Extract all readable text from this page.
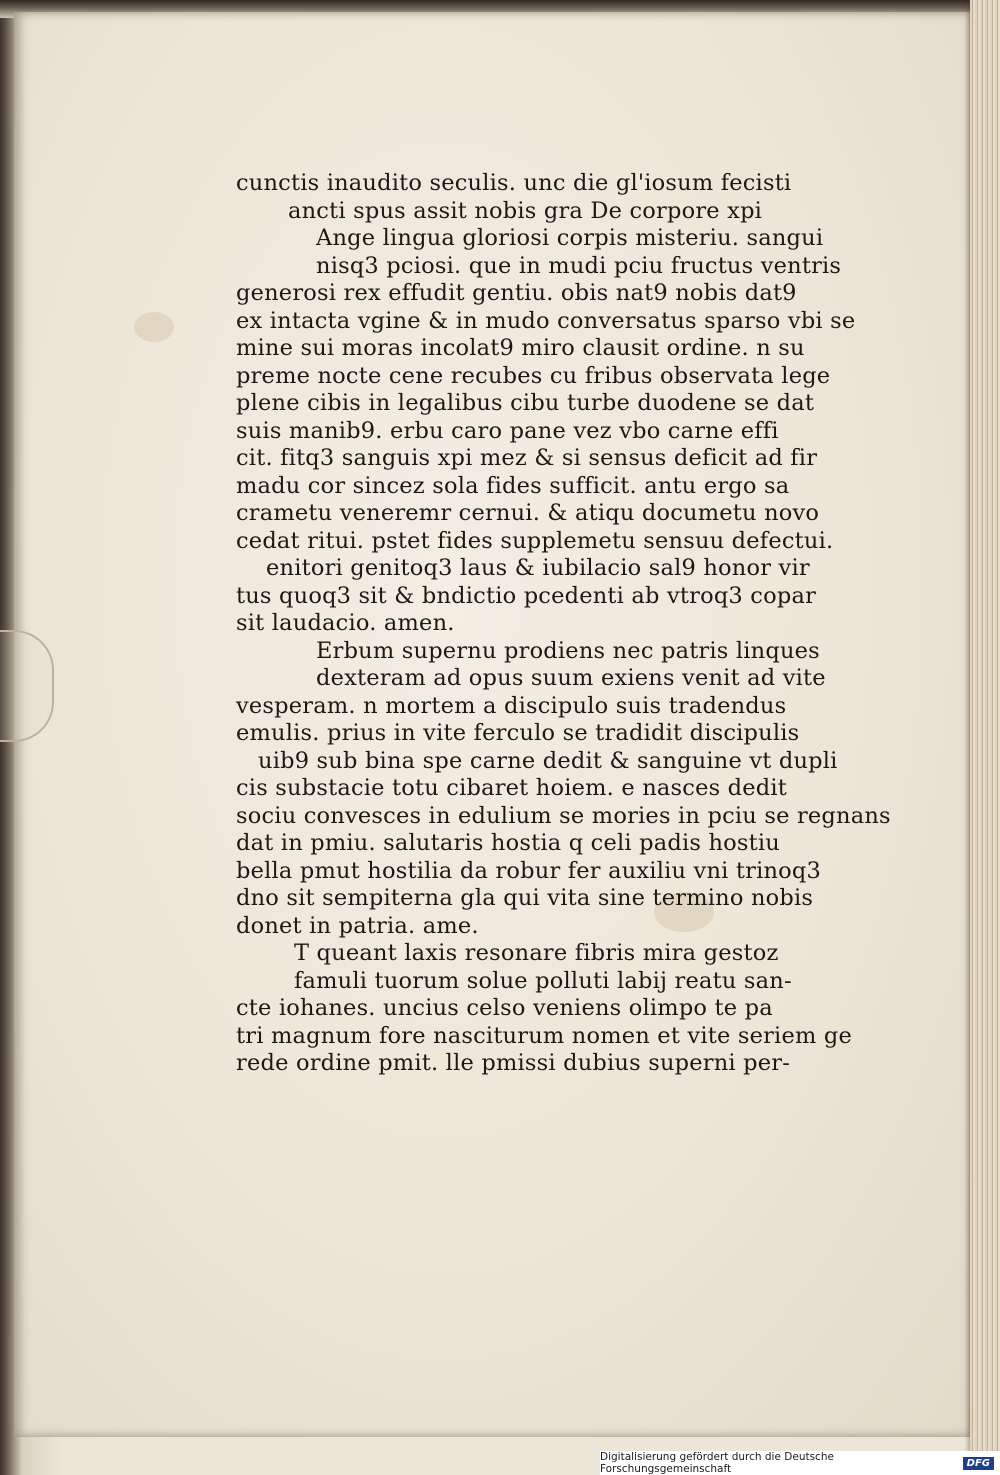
cunctis inaudito seculis. unc die gl'iosum fecisti
ancti spus assit nobis gra De corpore xpi
Ange lingua gloriosi corpis misteriu. sangui
nisq3 pciosi. que in mudi pciu fructus ventris
generosi rex effudit gentiu. obis nat9 nobis dat9
ex intacta vgine & in mudo conversatus sparso vbi se
mine sui moras incolat9 miro clausit ordine. n su
preme nocte cene recubes cu fribus observata lege
plene cibis in legalibus cibu turbe duodene se dat
suis manib9. erbu caro pane vez vbo carne effi
cit. fitq3 sanguis xpi mez & si sensus deficit ad fir
madu cor sincez sola fides sufficit. antu ergo sa
crametu veneremr cernui. & atiqu documetu novo
cedat ritui. pstet fides supplemetu sensuu defectui.
enitori genitoq3 laus & iubilacio sal9 honor vir
tus quoq3 sit & bndictio pcedenti ab vtroq3 copar
sit laudacio. amen.
Erbum supernu prodiens nec patris linques
dexteram ad opus suum exiens venit ad vite
vesperam. n mortem a discipulo suis tradendus
emulis. prius in vite ferculo se tradidit discipulis
uib9 sub bina spe carne dedit & sanguine vt dupli
cis substacie totu cibaret hoiem. e nasces dedit
sociu convesces in edulium se mories in pciu se regnans
dat in pmiu. salutaris hostia q celi padis hostiu
bella pmut hostilia da robur fer auxiliu vni trinoq3
dno sit sempiterna gla qui vita sine termino nobis
donet in patria. ame.
T queant laxis resonare fibris mira gestoz
famuli tuorum solue polluti labij reatu san-
cte iohanes. uncius celso veniens olimpo te pa
tri magnum fore nasciturum nomen et vite seriem ge
rede ordine pmit. lle pmissi dubius superni per-
Digitalisierung gefördert durch die Deutsche Forschungsgemeinschaft	DFG
